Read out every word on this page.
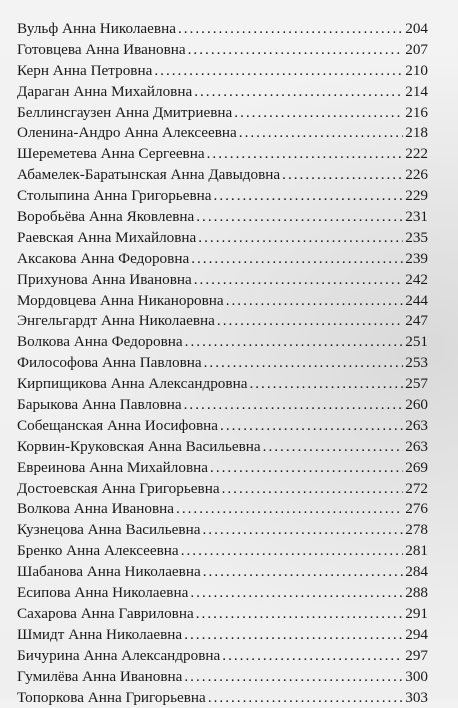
Вульф Анна Николаевна .....	204
Готовцева Анна Ивановна .....	207
Керн Анна Петровна .....	210
Дараган Анна Михайловна .....	214
Беллинсгаузен Анна Дмитриевна .....	216
Оленина-Андро Анна Алексеевна .....	218
Шереметева Анна Сергеевна .....	222
Абамелек-Баратынская Анна Давыдовна .....	226
Столыпина Анна Григорьевна .....	229
Воробьёва Анна Яковлевна .....	231
Раевская Анна Михайловна .....	235
Аксакова Анна Федоровна .....	239
Прихунова Анна Ивановна .....	242
Мордовцева Анна Никаноровна .....	244
Энгельгардт Анна Николаевна .....	247
Волкова Анна Федоровна .....	251
Философова Анна Павловна .....	253
Кирпищикова Анна Александровна .....	257
Барыкова Анна Павловна .....	260
Собещанская Анна Иосифовна .....	263
Корвин-Круковская Анна Васильевна .....	263
Евреинова Анна Михайловна .....	269
Достоевская Анна Григорьевна .....	272
Волкова Анна Ивановна .....	276
Кузнецова Анна Васильевна .....	278
Бренко Анна Алексеевна .....	281
Шабанова Анна Николаевна .....	284
Есипова Анна Николаевна .....	288
Сахарова Анна Гавриловна .....	291
Шмидт Анна Николаевна .....	294
Бичурина Анна Александровна .....	297
Гумилёва Анна Ивановна .....	300
Топоркова Анна Григорьевна .....	303
